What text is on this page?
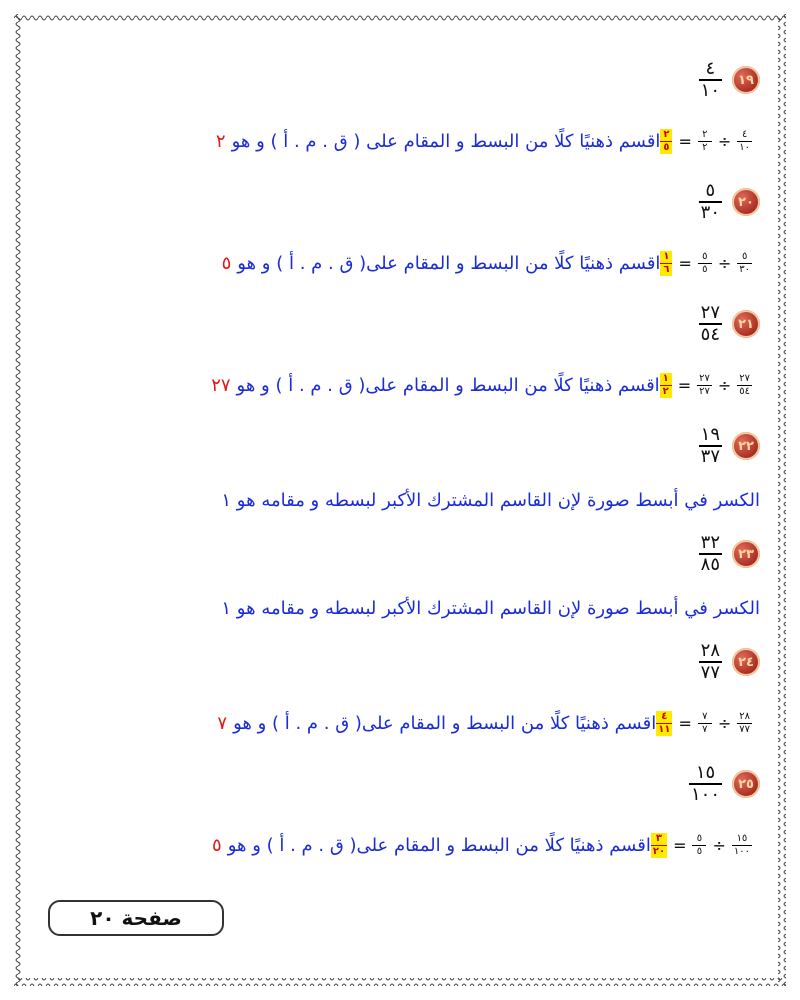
١٩
$\frac{٤}{١٠}$
٢ اقسم ذهنيًا كلًا من البسط و المقام على ( ق . م . أ ) و هو	$\frac{٤}{١٠}$
÷
$\frac{٢}{٢}$
=
$\frac{٢}{٥}$
٢٠
$\frac{٥}{٣٠}$
٥ اقسم ذهنيًا كلًا من البسط و المقام على( ق . م . أ ) و هو	$\frac{٥}{٣٠}$
÷
$\frac{٥}{٥}$
=
$\frac{١}{٦}$
٢١
$\frac{٢٧}{٥٤}$
٢٧ اقسم ذهنيًا كلًا من البسط و المقام على( ق . م . أ ) و هو	$\frac{٢٧}{٥٤}$
÷
$\frac{٢٧}{٢٧}$
=
$\frac{١}{٢}$
٢٢
$\frac{١٩}{٣٧}$
الكسر في أبسط صورة لإن القاسم المشترك الأكبر لبسطه و مقامه هو ١
٢٣
$\frac{٣٢}{٨٥}$
الكسر في أبسط صورة لإن القاسم المشترك الأكبر لبسطه و مقامه هو ١
٢٤
$\frac{٢٨}{٧٧}$
٧ اقسم ذهنيًا كلًا من البسط و المقام على( ق . م . أ ) و هو	$\frac{٢٨}{٧٧}$
÷
$\frac{٧}{٧}$
=
$\frac{٤}{١١}$
٢٥
$\frac{١٥}{١٠٠}$
٥ اقسم ذهنيًا كلًا من البسط و المقام على( ق . م . أ ) و هو	$\frac{١٥}{١٠٠}$
÷
$\frac{٥}{٥}$
=
$\frac{٣}{٢٠}$
صفحة ٢٠
